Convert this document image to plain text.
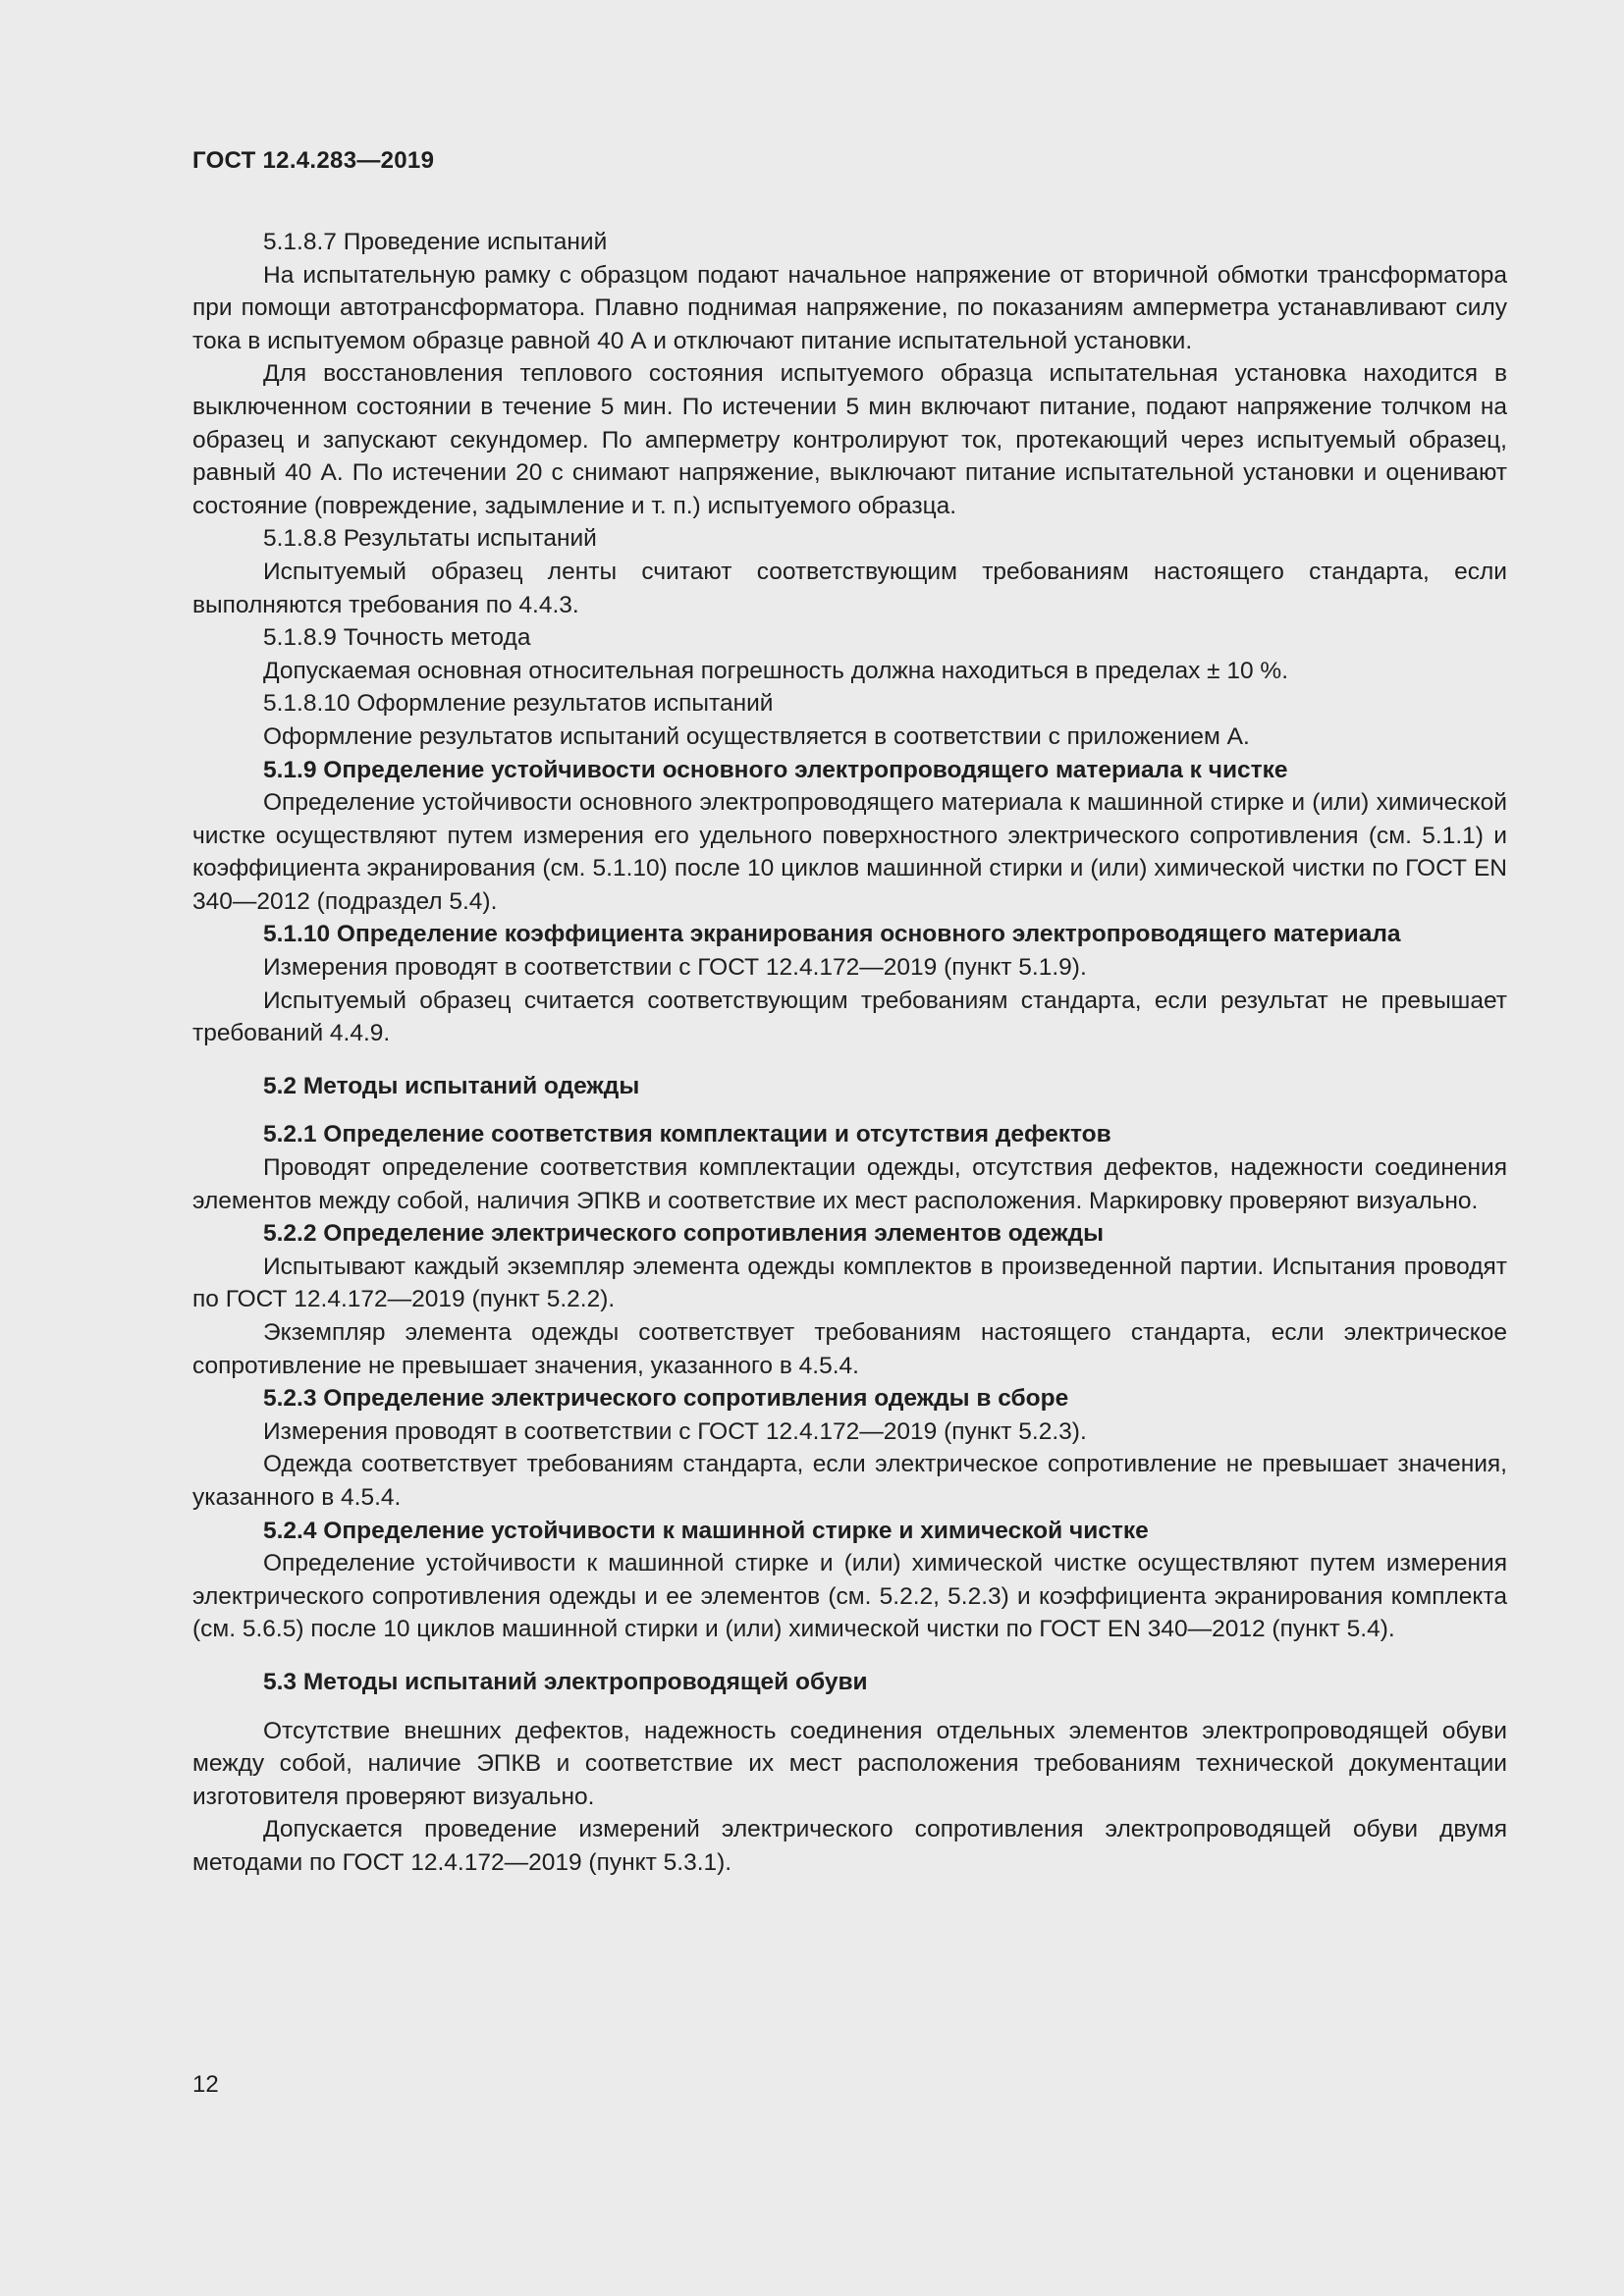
ГОСТ 12.4.283—2019

5.1.8.7 Проведение испытаний

На испытательную рамку с образцом подают начальное напряжение от вторичной обмотки трансформатора при помощи автотрансформатора. Плавно поднимая напряжение, по показаниям амперметра устанавливают силу тока в испытуемом образце равной 40 А и отключают питание испытательной установки.

Для восстановления теплового состояния испытуемого образца испытательная установка находится в выключенном состоянии в течение 5 мин. По истечении 5 мин включают питание, подают напряжение толчком на образец и запускают секундомер. По амперметру контролируют ток, протекающий через испытуемый образец, равный 40 А. По истечении 20 с снимают напряжение, выключают питание испытательной установки и оценивают состояние (повреждение, задымление и т. п.) испытуемого образца.

5.1.8.8 Результаты испытаний

Испытуемый образец ленты считают соответствующим требованиям настоящего стандарта, если выполняются требования по 4.4.3.

5.1.8.9 Точность метода

Допускаемая основная относительная погрешность должна находиться в пределах ± 10 %.

5.1.8.10 Оформление результатов испытаний

Оформление результатов испытаний осуществляется в соответствии с приложением А.

5.1.9 Определение устойчивости основного электропроводящего материала к чистке

Определение устойчивости основного электропроводящего материала к машинной стирке и (или) химической чистке осуществляют путем измерения его удельного поверхностного электрического сопротивления (см. 5.1.1) и коэффициента экранирования (см. 5.1.10) после 10 циклов машинной стирки и (или) химической чистки по ГОСТ EN 340—2012 (подраздел 5.4).

5.1.10 Определение коэффициента экранирования основного электропроводящего материала

Измерения проводят в соответствии с ГОСТ 12.4.172—2019 (пункт 5.1.9).

Испытуемый образец считается соответствующим требованиям стандарта, если результат не превышает требований 4.4.9.

5.2 Методы испытаний одежды

5.2.1 Определение соответствия комплектации и отсутствия дефектов

Проводят определение соответствия комплектации одежды, отсутствия дефектов, надежности соединения элементов между собой, наличия ЭПКВ и соответствие их мест расположения. Маркировку проверяют визуально.

5.2.2 Определение электрического сопротивления элементов одежды

Испытывают каждый экземпляр элемента одежды комплектов в произведенной партии. Испытания проводят по ГОСТ 12.4.172—2019 (пункт 5.2.2).

Экземпляр элемента одежды соответствует требованиям настоящего стандарта, если электрическое сопротивление не превышает значения, указанного в 4.5.4.

5.2.3 Определение электрического сопротивления одежды в сборе

Измерения проводят в соответствии с ГОСТ 12.4.172—2019 (пункт 5.2.3).

Одежда соответствует требованиям стандарта, если электрическое сопротивление не превышает значения, указанного в 4.5.4.

5.2.4 Определение устойчивости к машинной стирке и химической чистке

Определение устойчивости к машинной стирке и (или) химической чистке осуществляют путем измерения электрического сопротивления одежды и ее элементов (см. 5.2.2, 5.2.3) и коэффициента экранирования комплекта (см. 5.6.5) после 10 циклов машинной стирки и (или) химической чистки по ГОСТ EN 340—2012 (пункт 5.4).

5.3 Методы испытаний электропроводящей обуви

Отсутствие внешних дефектов, надежность соединения отдельных элементов электропроводящей обуви между собой, наличие ЭПКВ и соответствие их мест расположения требованиям технической документации изготовителя проверяют визуально.

Допускается проведение измерений электрического сопротивления электропроводящей обуви двумя методами по ГОСТ 12.4.172—2019 (пункт 5.3.1).

12
